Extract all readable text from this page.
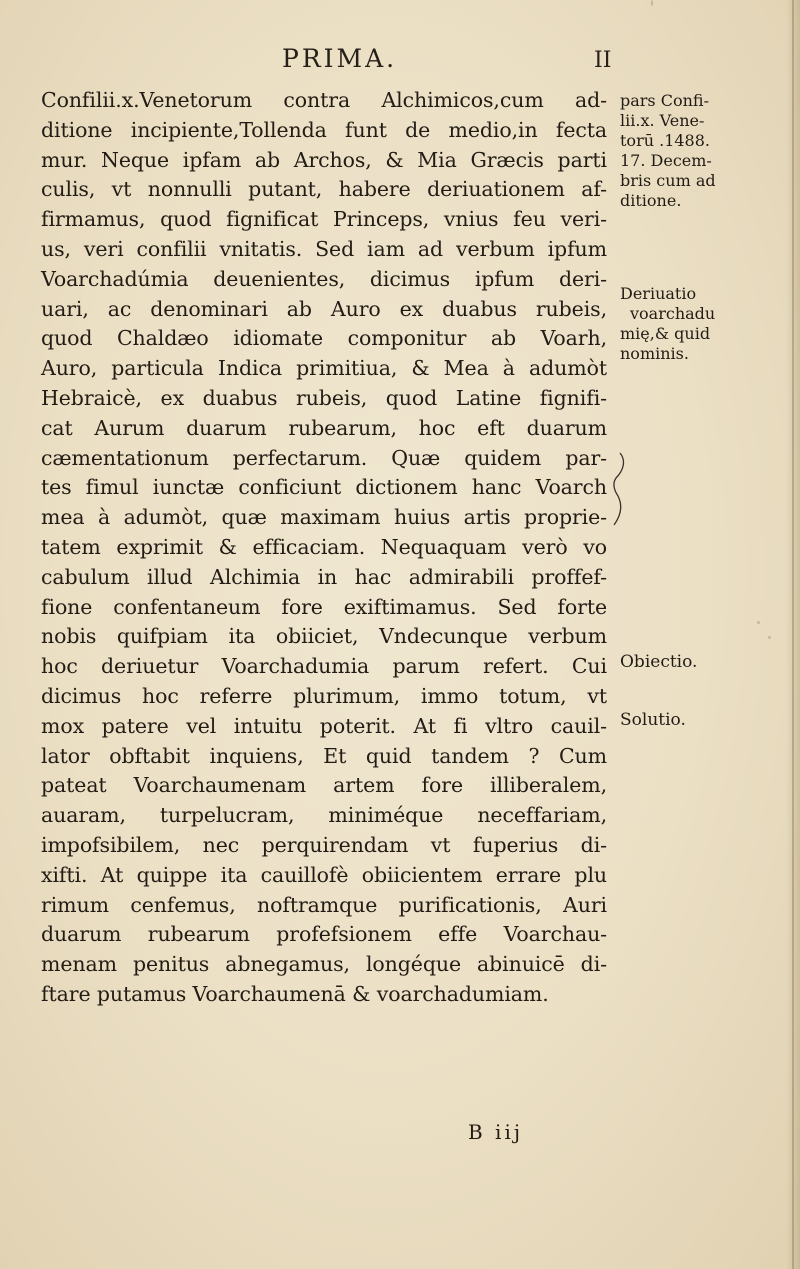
PRIMA.	II
Confilii.x.Venetorum contra Alchimicos,cum ad-
ditione incipiente,Tollenda funt de medio,in fecta
mur. Neque ipfam ab Archos, & Mia Græcis parti
culis, vt nonnulli putant, habere deriuationem af-
firmamus, quod fignificat Princeps, vnius feu veri-
us, veri confilii vnitatis. Sed iam ad verbum ipfum
Voarchadúmia deuenientes, dicimus ipfum deri-
uari, ac denominari ab Auro ex duabus rubeis,
quod Chaldæo idiomate componitur ab Voarh,
Auro, particula Indica primitiua, & Mea à adumòt
Hebraicè, ex duabus rubeis, quod Latine fignifi-
cat Aurum duarum rubearum, hoc eft duarum
cæmentationum perfectarum. Quæ quidem par-
tes fimul iunctæ conficiunt dictionem hanc Voarch
mea à adumòt, quæ maximam huius artis proprie-
tatem exprimit & efficaciam. Nequaquam verò vo
cabulum illud Alchimia in hac admirabili proffef-
fione confentaneum fore exiftimamus. Sed forte
nobis quifpiam ita obiiciet, Vndecunque verbum
hoc deriuetur Voarchadumia parum refert. Cui
dicimus hoc referre plurimum, immo totum, vt
mox patere vel intuitu poterit. At fi vltro cauil-
lator obftabit inquiens, Et quid tandem ? Cum
pateat Voarchaumenam artem fore illiberalem,
auaram, turpelucram, miniméque neceffariam,
impofsibilem, nec perquirendam vt fuperius di-
xifti. At quippe ita cauillofè obiicientem errare plu
rimum cenfemus, noftramque purificationis, Auri
duarum rubearum profefsionem effe Voarchau-
menam penitus abnegamus, longéque abinuicē di-
ftare putamus Voarchaumenā & voarchadumiam.
B iij
pars Confi-
lii.x. Vene-
torū .1488.
17. Decem-
bris cum ad
ditione.
Deriuatio
voarchadu
mię,& quid
nominis.
Obiectio.
Solutio.
